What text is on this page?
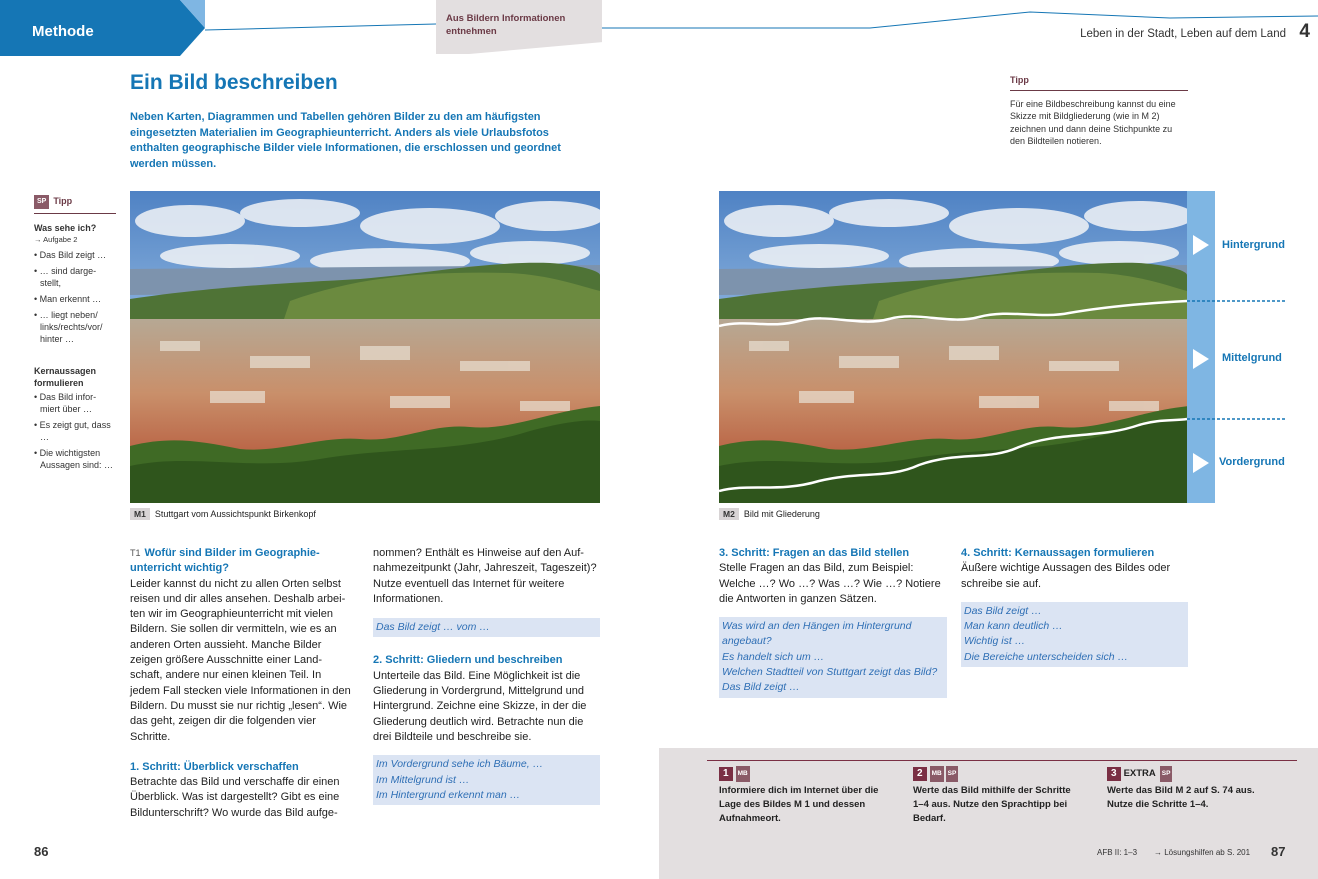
Methode
Aus Bildern Informationen entnehmen	Leben in der Stadt, Leben auf dem Land 4
Ein Bild beschreiben

Neben Karten, Diagrammen und Tabellen gehören Bilder zu den am häufigsten eingesetzten Materialien im Geographieunterricht. Anders als viele Urlaubsfotos enthalten geographische Bilder viele Informationen, die erschlossen und geordnet werden müssen.

SP Tipp
Was sehe ich?
→ Aufgabe 2
• Das Bild zeigt …
• … sind darge- stellt,
• Man erkennt …
• … liegt neben/ links/rechts/vor/ hinter …
Kernaussagen formulieren
• Das Bild infor- miert über …
• Es zeigt gut, dass …
• Die wichtigsten Aussagen sind: …
Tipp
Für eine Bildbeschreibung kannst du eine Skizze mit Bildgliederung (wie in M 2) zeichnen und dann deine Stichpunkte zu den Bildteilen notieren.
M1 Stuttgart vom Aussichtspunkt Birkenkopf
Hintergrund
Mittelgrund
Vordergrund
M2 Bild mit Gliederung
T1 Wofür sind Bilder im Geographie- unterricht wichtig?

Leider kannst du nicht zu allen Orten selbst reisen und dir alles ansehen. Deshalb arbei- ten wir im Geographieunterricht mit vielen Bildern. Sie sollen dir vermitteln, wie es an anderen Orten aussieht. Manche Bilder zeigen größere Ausschnitte einer Land- schaft, andere nur einen kleinen Teil. In jedem Fall stecken viele Informationen in den Bildern. Du musst sie nur richtig „lesen“. Wie das geht, zeigen dir die folgenden vier Schritte.

1. Schritt: Überblick verschaffen

Betrachte das Bild und verschaffe dir einen Überblick. Was ist dargestellt? Gibt es eine Bildunterschrift? Wo wurde das Bild aufge-

nommen? Enthält es Hinweise auf den Auf- nahmezeitpunkt (Jahr, Jahreszeit, Tageszeit)? Nutze eventuell das Internet für weitere Informationen.

Das Bild zeigt … vom …
2. Schritt: Gliedern und beschreiben

Unterteile das Bild. Eine Möglichkeit ist die Gliederung in Vordergrund, Mittelgrund und Hintergrund. Zeichne eine Skizze, in der die Gliederung deutlich wird. Betrachte nun die drei Bildteile und beschreibe sie.

Im Vordergrund sehe ich Bäume, …
Im Mittelgrund ist …
Im Hintergrund erkennt man …
3. Schritt: Fragen an das Bild stellen

Stelle Fragen an das Bild, zum Beispiel: Welche …? Wo …? Was …? Wie …? Notiere die Antworten in ganzen Sätzen.

Was wird an den Hängen im Hintergrund angebaut?
Es handelt sich um …
Welchen Stadtteil von Stuttgart zeigt das Bild?
Das Bild zeigt …
4. Schritt: Kernaussagen formulieren

Äußere wichtige Aussagen des Bildes oder schreibe sie auf.

Das Bild zeigt …
Man kann deutlich …
Wichtig ist …
Die Bereiche unterscheiden sich …
1 MB
Informiere dich im Internet über die Lage des Bildes M 1 und dessen Aufnahmeort.
2 MB SP
Werte das Bild mithilfe der Schritte 1–4 aus. Nutze den Sprachtipp bei Bedarf.
3 EXTRA SP
Werte das Bild M 2 auf S. 74 aus. Nutze die Schritte 1–4.
86	AFB II: 1–3 → Lösungshilfen ab S. 201 87
